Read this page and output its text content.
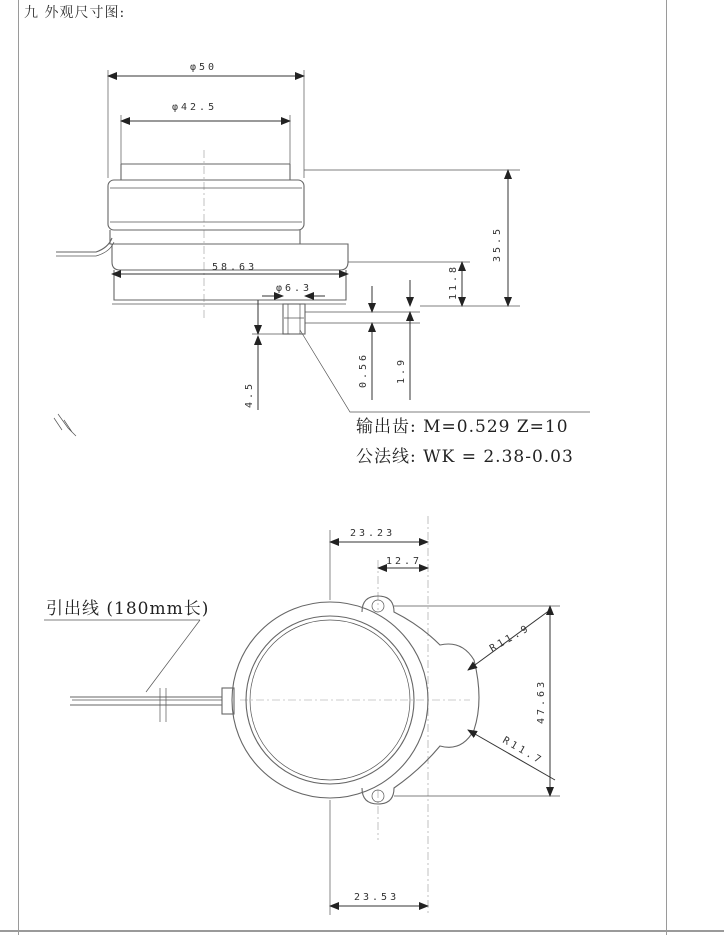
九 外观尺寸图:
φ50
φ42.5
58.63
φ6.3
35.5
11.8
4.5
0.56	1.9
输出齿: M=0.529 Z=10
公法线: WK = 2.38-0.03
引出线 (180mm长)
23.23
12.7
R11.9
R11.7
47.63
23.53
